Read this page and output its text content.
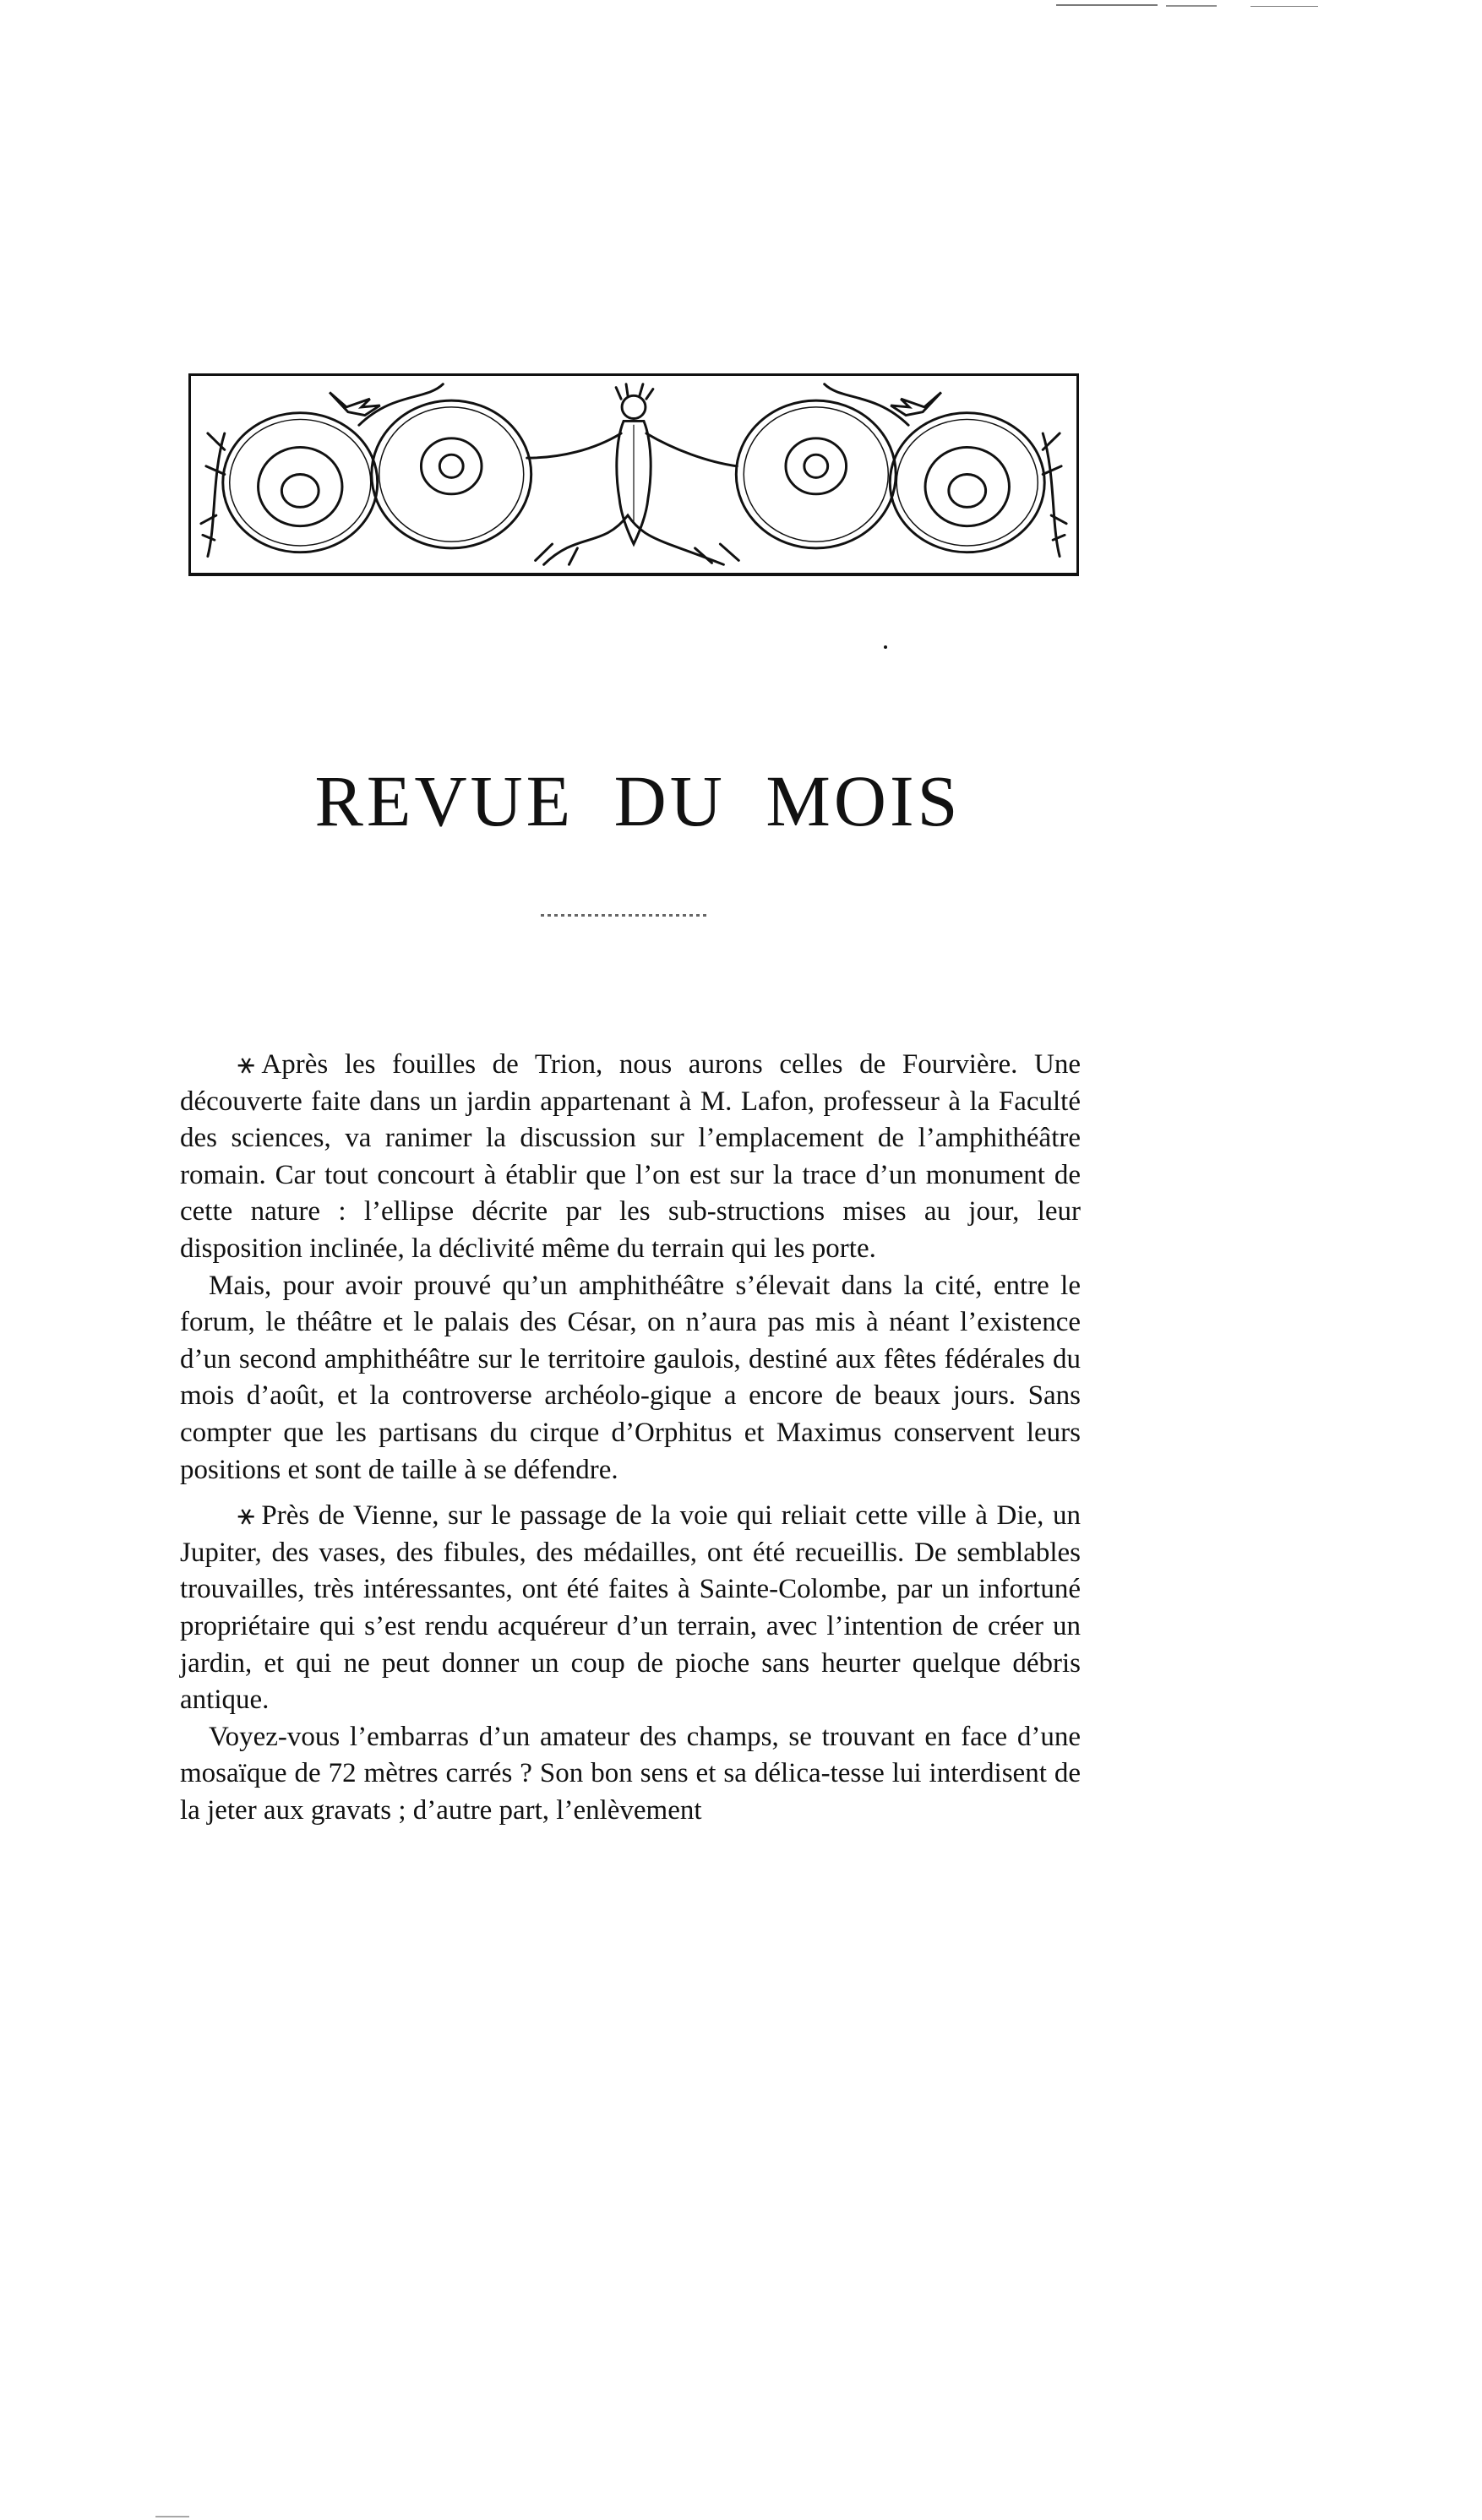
REVUE DU MOIS

⚹ Après les fouilles de Trion, nous aurons celles de Fourvière. Une découverte faite dans un jardin appartenant à M. Lafon, professeur à la Faculté des sciences, va ranimer la discussion sur l’emplacement de l’amphithéâtre romain. Car tout concourt à établir que l’on est sur la trace d’un monument de cette nature : l’ellipse décrite par les sub-structions mises au jour, leur disposition inclinée, la déclivité même du terrain qui les porte.

Mais, pour avoir prouvé qu’un amphithéâtre s’élevait dans la cité, entre le forum, le théâtre et le palais des César, on n’aura pas mis à néant l’existence d’un second amphithéâtre sur le territoire gaulois, destiné aux fêtes fédérales du mois d’août, et la controverse archéolo-gique a encore de beaux jours. Sans compter que les partisans du cirque d’Orphitus et Maximus conservent leurs positions et sont de taille à se défendre.

⚹ Près de Vienne, sur le passage de la voie qui reliait cette ville à Die, un Jupiter, des vases, des fibules, des médailles, ont été recueillis. De semblables trouvailles, très intéressantes, ont été faites à Sainte-Colombe, par un infortuné propriétaire qui s’est rendu acquéreur d’un terrain, avec l’intention de créer un jardin, et qui ne peut donner un coup de pioche sans heurter quelque débris antique.

Voyez-vous l’embarras d’un amateur des champs, se trouvant en face d’une mosaïque de 72 mètres carrés ? Son bon sens et sa délica-tesse lui interdisent de la jeter aux gravats ; d’autre part, l’enlèvement
